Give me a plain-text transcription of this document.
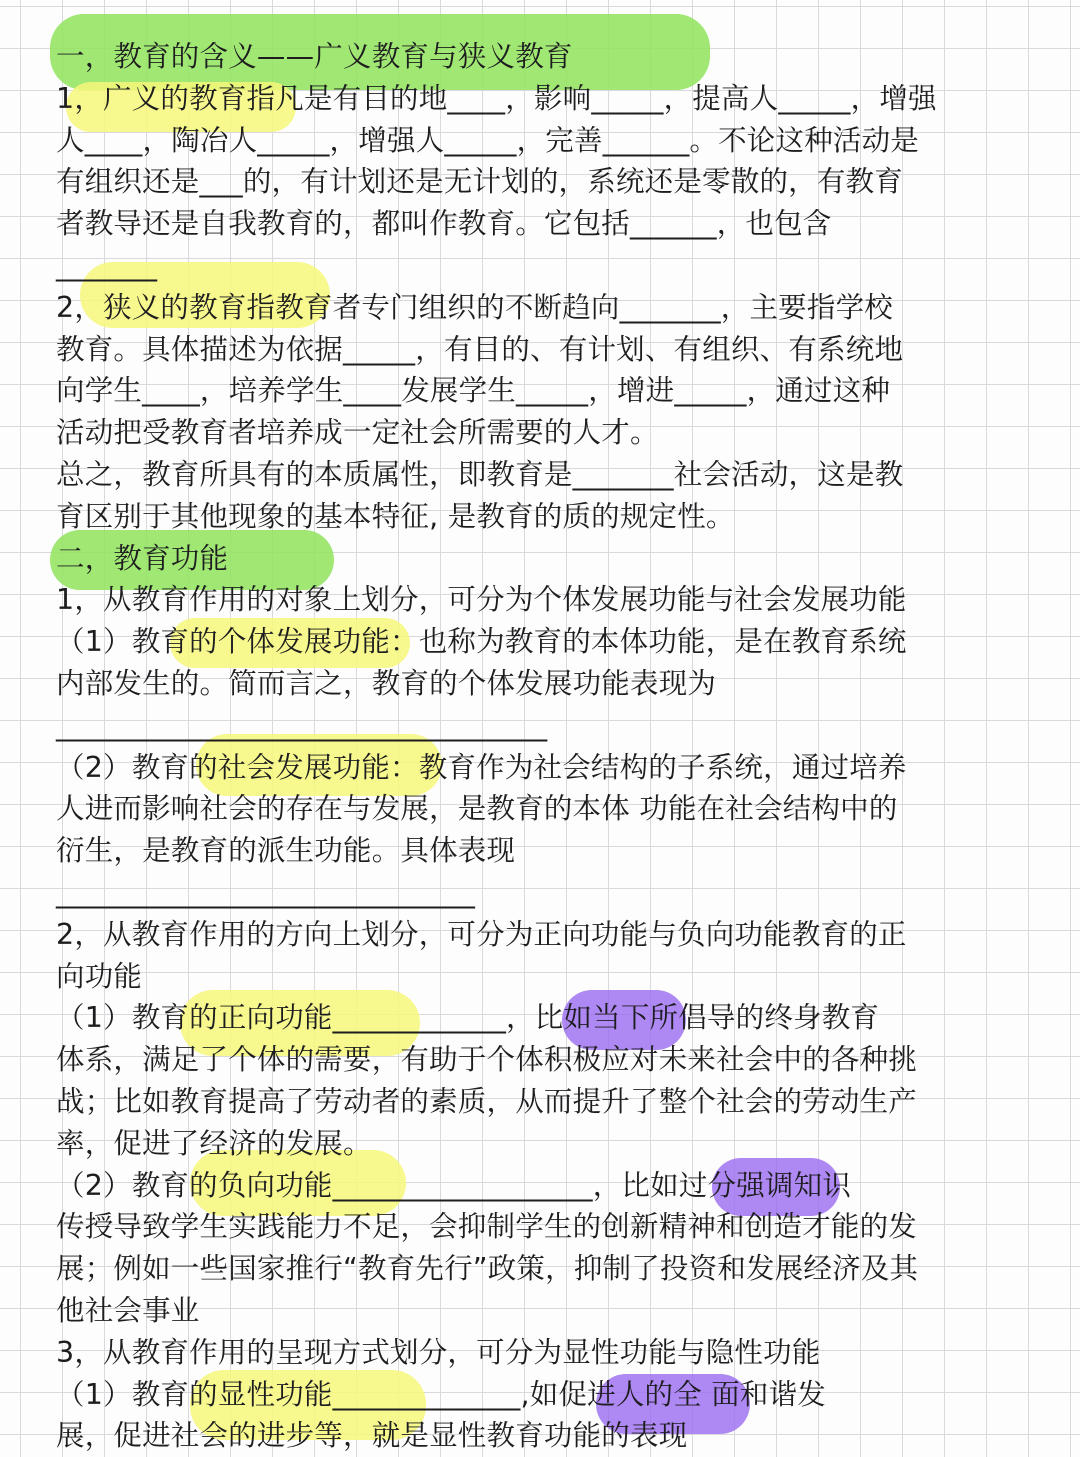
一，教育的含义——广义教育与狭义教育
1，广义的教育指凡是有目的地____，影响_____，提高人_____，增强
人____，陶冶人_____，增强人_____，完善______。不论这种活动是
有组织还是___的，有计划还是无计划的，系统还是零散的，有教育
者教导还是自我教育的，都叫作教育。它包括______，也包含
_______
2，狭义的教育指教育者专门组织的不断趋向_______，主要指学校
教育。具体描述为依据_____，有目的、有计划、有组织、有系统地
向学生____，培养学生____发展学生_____，增进_____，通过这种
活动把受教育者培养成一定社会所需要的人才。
总之，教育所具有的本质属性，即教育是_______社会活动，这是教
育区别于其他现象的基本特征, 是教育的质的规定性。
二，教育功能
1，从教育作用的对象上划分，可分为个体发展功能与社会发展功能
（1）教育的个体发展功能：也称为教育的本体功能，是在教育系统
内部发生的。简而言之，教育的个体发展功能表现为
__________________________________
（2）教育的社会发展功能：教育作为社会结构的子系统，通过培养
人进而影响社会的存在与发展，是教育的本体 功能在社会结构中的
衍生，是教育的派生功能。具体表现
_____________________________
2，从教育作用的方向上划分，可分为正向功能与负向功能教育的正
向功能
（1）教育的正向功能____________，比如当下所倡导的终身教育
体系，满足了个体的需要，有助于个体积极应对未来社会中的各种挑
战；比如教育提高了劳动者的素质，从而提升了整个社会的劳动生产
率，促进了经济的发展。
（2）教育的负向功能__________________，比如过分强调知识
传授导致学生实践能力不足，会抑制学生的创新精神和创造才能的发
展；例如一些国家推行“教育先行”政策，抑制了投资和发展经济及其
他社会事业
3，从教育作用的呈现方式划分，可分为显性功能与隐性功能
（1）教育的显性功能_____________,如促进人的全 面和谐发
展，促进社会的进步等，就是显性教育功能的表现
